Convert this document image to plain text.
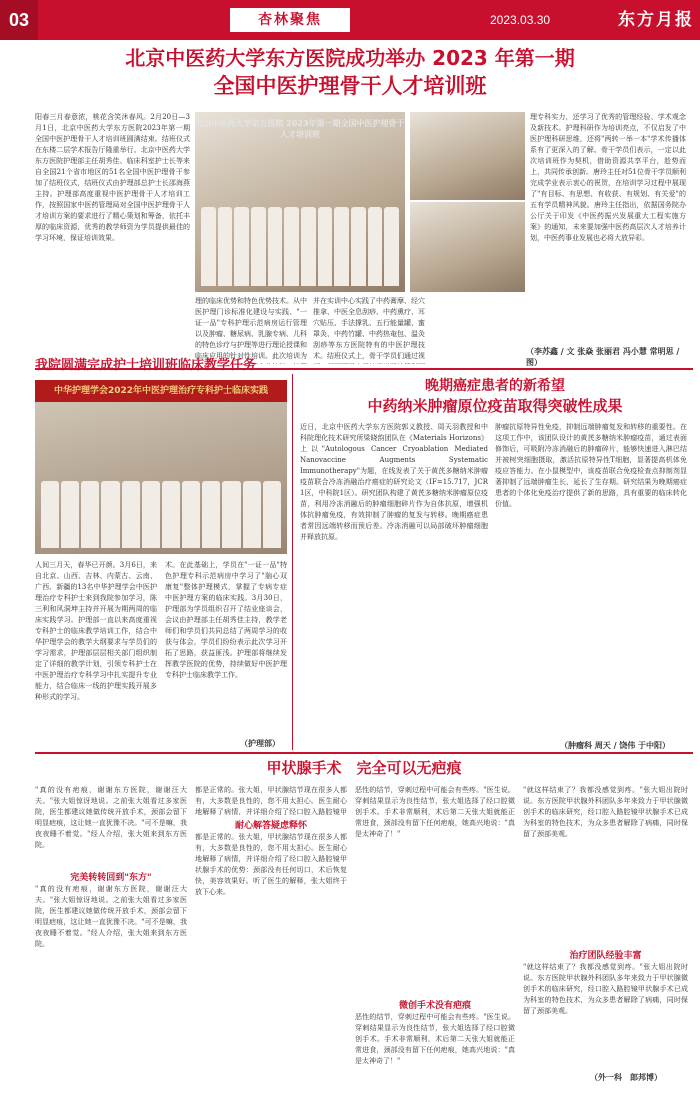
03	杏林聚焦	2023.03.30	东方月报
北京中医药大学东方医院成功举办 2023 年第一期
全国中医护理骨干人才培训班
阳春三月春意浓，桃花含笑沐春风。2月20日—3月1日，北京中医药大学东方医院2023年第一期全国中医护理骨干人才培训班圆满结束。结班仪式在东楼二层学术报告厅隆重举行。北京中医药大学东方医院护理部主任胡秀佳、临床科室护士长等来自全国21个省市地区的51名全国中医护理骨干参加了结班仪式，结班仪式由护理部总护士长邵海燕主持。护理部高度重视中医护理骨干人才培训工作，按照国家中医药管理局对全国中医护理骨干人才培训方案的要求进行了精心策划和筹备，依托丰厚的临床资源，优秀的教学师资为学员提供最佳的学习环境，保证培训效果。
北京中医药大学东方医院 2023年第一期全国中医护理骨干人才培训班
理的临床优势和特色优势技术。从中医护理门诊标准化建设与实践、"一证一品"专科护理示范病房运行管理以及肿瘤、糖尿病、乳腺专病、儿科的特色诊疗与护理等进行理论授课和临床应用的针对性培训。此次培训为
并在实训中心实践了中药膏摩、经穴推拿、中医全息刮痧、中药熏疗、耳穴贴压、手法撑乳、五行能量罐、蜜罩灸、中药竹罐、中药热奄包、温灸刮痧等东方医院特有的中医护理技术。结班仪式上，骨干学员们通过视
理专科实力，还学习了优秀的管理经验、学术观念及新技术。护理科研作为培训亮点，不仅启发了中医护理科研思维，还将"两转一举一本"学术传播体系有了更深入的了解。骨干学员们表示，一定以此次培训班作为契机，借助资源共享平台，趁势而上，共同传承创新。唐玲主任对51位骨干学员顺利完成学业表示衷心的祝贺，在培训学习过程中展现了"有目标、有思想、有收获、有规划、有关爱"的五有学员精神风貌。唐玲主任指出，依据国务院办公厅关于印发《中医药振兴发展重大工程实施方案》的通知，未来要加强中医药高层次人才培养计划，中医药事业发展也必将大放异彩。
（李苏鑫 / 文 张焱 张丽君 冯小慧 常明思 / 图）
我院圆满完成护士培训班临床教学任务
中华护理学会2022年中医护理治疗专科护士临床实践
人间三月天，春华已开颜。3月6日，来自北京、山西、吉林、内蒙古、云南、广西、新疆的13名中华护理学会中医护理治疗专科护士来到我院参加学习，陈三利和风洞坤主持并开展为期两周的临床实践学习。护理部一直以来高度重视专科护士的临床教学培训工作，结合中华护理学会的教学大纲要求与学员们的学习需求，护理部层层相关部门组织制定了详细的教学计划，引领专科护士在中医护理治疗专科学习中扎实提升专业能力，结合临床一线的护理实践开展多种形式的学习。
术。在此基础上，学员在"一证一品"特色护理专科示范病房中学习了"脑心双康复"整体护理模式，掌握了专病专症中医护理方案的临床实践。3月30日，护理部为学员组织召开了结业座谈会，会议由护理部主任胡秀佳主持，教学老师们和学员们共同总结了两周学习的收获与体会，学员们纷纷表示此次学习开拓了思路，获益匪浅。护理部将继续发挥教学医院的优势，持续做好中医护理专科护士临床教学工作。
（护理部）
晚期癌症患者的新希望
中药纳米肿瘤原位疫苗取得突破性成果
近日，北京中医药大学东方医院郭义教授、周天羽教授和中科院理化技术研究所梁晓韵团队在《Materials Horizons》上以"Autologous Cancer Cryoablation Mediated Nanovaccine Augments Systematic Immunotherapy"为题，在线发表了关于黄芪多糖纳米肿瘤疫苗联合冷冻消融治疗癌症的研究论文（IF=15.717，JCR 1区，中科院1区）。研究团队构建了黄芪多糖纳米肿瘤原位疫苗，利用冷冻消融后的肿瘤细胞碎片作为自体抗原，增强机体抗肿瘤免疫，有效抑制了肿瘤的复发与转移。晚期癌症患者常因远端转移而预后差。冷冻消融可以局部破坏肿瘤细胞并释放抗原。
肿瘤抗原特异性免疫，抑制远端肿瘤复发和转移的重要性。在这项工作中，该团队设计的黄芪多糖纳米肿瘤疫苗，通过表面修饰后，可吸附冷冻消融后的肿瘤碎片，能够快速进入淋巴结并被树突细胞摄取，激活抗原特异性T细胞，显著提高机体免疫应答能力。在小鼠模型中，该疫苗联合免疫检查点抑制剂显著抑制了远端肿瘤生长，延长了生存期。研究结果为晚期癌症患者的个体化免疫治疗提供了新的思路，具有重要的临床转化价值。
（肿瘤科 周天 / 饶伟 于中阳）
甲状腺手术　完全可以无疤痕
"真的没有疤痕，谢谢东方医院，谢谢汪大夫。"张大姐惊讶地说。之前张大姐看过多家医院，医生都建议她做传统开放手术，颈部会留下明显疤痕，这让她一直犹豫不决。"可不是嘛，我夜夜睡不着觉。"经人介绍，张大姐来到东方医院。
完美转转回到"东方"
"真的没有疤痕，谢谢东方医院，谢谢汪大夫。"张大姐惊讶地说。之前张大姐看过多家医院，医生都建议她做传统开放手术，颈部会留下明显疤痕，这让她一直犹豫不决。"可不是嘛，我夜夜睡不着觉。"经人介绍，张大姐来到东方医院。
都是正常的。张大姐，甲状腺结节现在很多人都有，大多数是良性的，您不用太担心。医生耐心地解释了病情，并详细介绍了经口腔入路腔镜甲
耐心解答疑虑释怀
都是正常的。张大姐，甲状腺结节现在很多人都有，大多数是良性的，您不用太担心。医生耐心地解释了病情，并详细介绍了经口腔入路腔镜甲状腺手术的优势：颈部没有任何切口，术后恢复快，美容效果好。听了医生的解释，张大姐终于放下心来。
恶性的结节，穿刺过程中可能会有些疼。"医生说。穿刺结果显示为良性结节，张大姐选择了经口腔微创手术。手术非常顺利，术后第二天张大姐就能正常进食，颈部没有留下任何疤痕，她高兴地说："真是太神奇了！"
微创手术没有疤痕
恶性的结节，穿刺过程中可能会有些疼。"医生说。穿刺结果显示为良性结节，张大姐选择了经口腔微创手术。手术非常顺利，术后第二天张大姐就能正常进食，颈部没有留下任何疤痕，她高兴地说："真是太神奇了！"
"就这样结束了？我都没感觉到疼。"张大姐出院时说。东方医院甲状腺外科团队多年来致力于甲状腺微创手术的临床研究，经口腔入路腔镜甲状腺手术已成为科室的特色技术，为众多患者解除了病痛，同时保留了颈部美观。
治疗团队经验丰富
"就这样结束了？我都没感觉到疼。"张大姐出院时说。东方医院甲状腺外科团队多年来致力于甲状腺微创手术的临床研究，经口腔入路腔镜甲状腺手术已成为科室的特色技术，为众多患者解除了病痛，同时保留了颈部美观。
（外一科　郎邦博）
